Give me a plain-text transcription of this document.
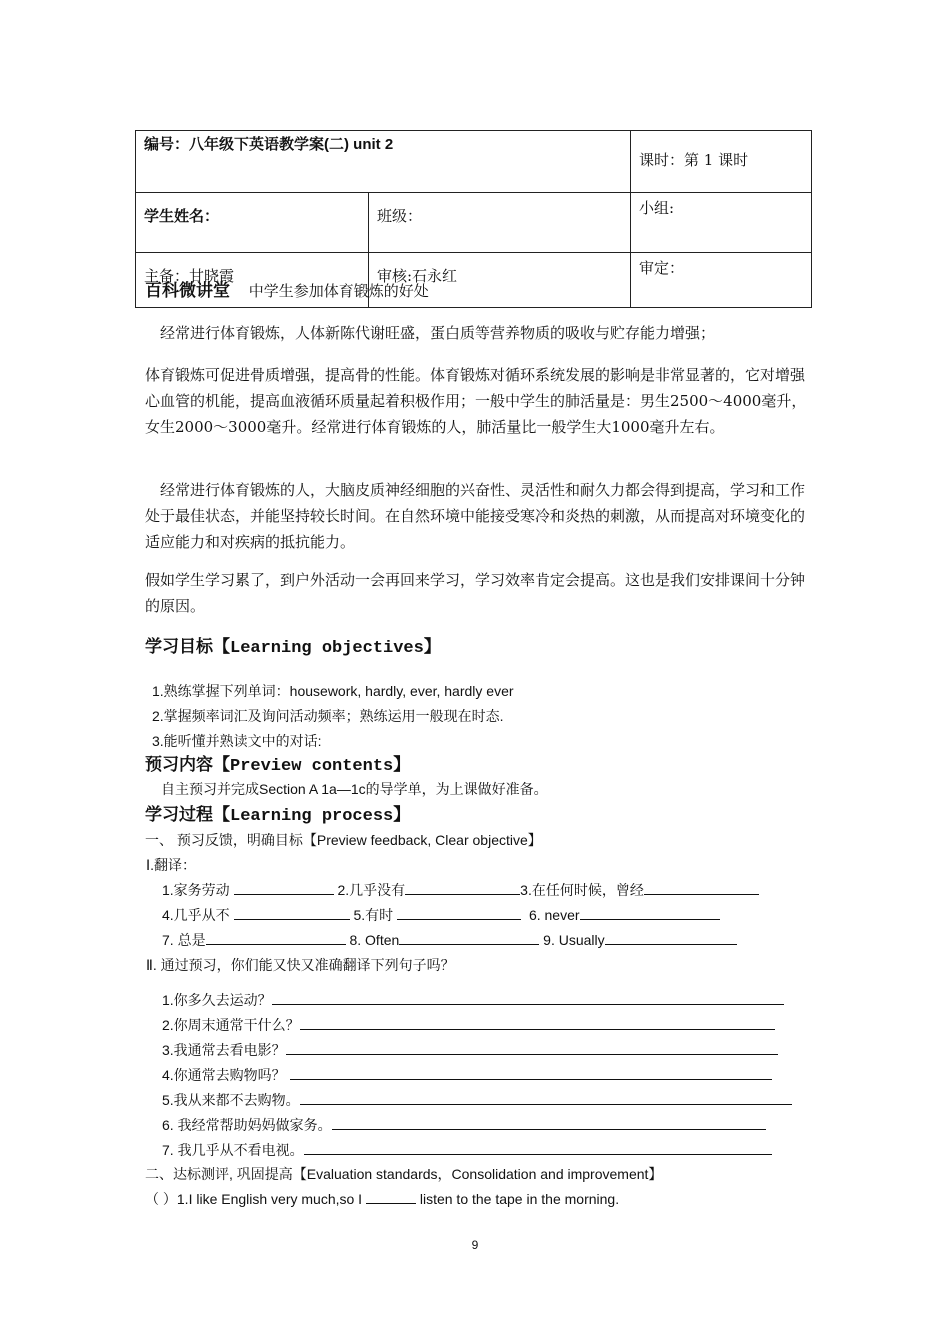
编号：八年级下英语教学案(二) unit 2		课时：第 1 课时
学生姓名：	班级：	小组:
主备：甘晓霞	审核:石永红	审定：
百科微讲堂 中学生参加体育锻炼的好处
经常进行体育锻炼，人体新陈代谢旺盛，蛋白质等营养物质的吸收与贮存能力增强；
体育锻炼可促进骨质增强，提高骨的性能。体育锻炼对循环系统发展的影响是非常显著的，它对增强心血管的机能，提高血液循环质量起着积极作用；一般中学生的肺活量是：男生2500～4000毫升，女生2000～3000毫升。经常进行体育锻炼的人，肺活量比一般学生大1000毫升左右。
经常进行体育锻炼的人，大脑皮质神经细胞的兴奋性、灵活性和耐久力都会得到提高，学习和工作处于最佳状态，并能坚持较长时间。在自然环境中能接受寒冷和炎热的刺激，从而提高对环境变化的适应能力和对疾病的抵抗能力。
假如学生学习累了，到户外活动一会再回来学习，学习效率肯定会提高。这也是我们安排课间十分钟的原因。
学习目标【Learning objectives】
1.熟练掌握下列单词：housework, hardly, ever, hardly ever
2.掌握频率词汇及询问活动频率；熟练运用一般现在时态.
3.能听懂并熟读文中的对话:
预习内容【Preview contents】
自主预习并完成Section A 1a—1c的导学单，为上课做好准备。
学习过程【Learning process】
一、 预习反馈，明确目标【Preview feedback, Clear objective】
Ⅰ.翻译：
1.家务劳动	2.几乎没有	3.在任何时候，曾经
4.几乎从不	5.有时	6. never
7. 总是	8. Often	9. Usually
Ⅱ. 通过预习，你们能又快又准确翻译下列句子吗？
1.你多久去运动？
2.你周末通常干什么？
3.我通常去看电影？
4.你通常去购物吗？
5.我从来都不去购物。
6. 我经常帮助妈妈做家务。
7. 我几乎从不看电视。
二、达标测评, 巩固提高【Evaluation standards，Consolidation and improvement】
（ ）1.I like English very much,so I	listen to the tape in the morning.
9
